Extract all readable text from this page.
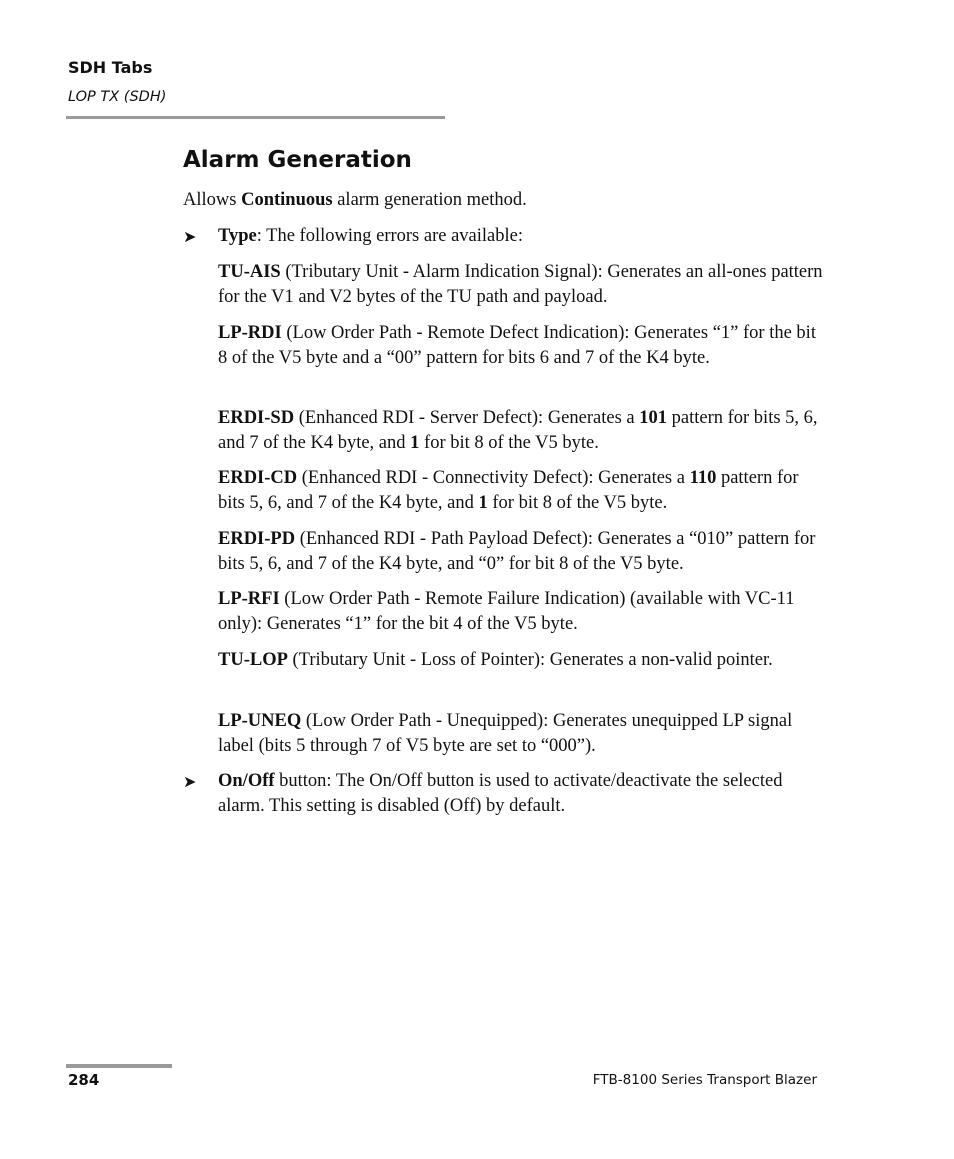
SDH Tabs
LOP TX (SDH)
Alarm Generation

Allows Continuous alarm generation method.

➤ Type: The following errors are available:

TU-AIS (Tributary Unit - Alarm Indication Signal): Generates an all-ones pattern for the V1 and V2 bytes of the TU path and payload.

LP-RDI (Low Order Path - Remote Defect Indication): Generates “1” for the bit 8 of the V5 byte and a “00” pattern for bits 6 and 7 of the K4 byte.

ERDI-SD (Enhanced RDI - Server Defect): Generates a 101 pattern for bits 5, 6, and 7 of the K4 byte, and 1 for bit 8 of the V5 byte.

ERDI-CD (Enhanced RDI - Connectivity Defect): Generates a 110 pattern for bits 5, 6, and 7 of the K4 byte, and 1 for bit 8 of the V5 byte.

ERDI-PD (Enhanced RDI - Path Payload Defect): Generates a “010” pattern for bits 5, 6, and 7 of the K4 byte, and “0” for bit 8 of the V5 byte.

LP-RFI (Low Order Path - Remote Failure Indication) (available with VC-11 only): Generates “1” for the bit 4 of the V5 byte.

TU-LOP (Tributary Unit - Loss of Pointer): Generates a non-valid pointer.

LP-UNEQ (Low Order Path - Unequipped): Generates unequipped LP signal label (bits 5 through 7 of V5 byte are set to “000”).

➤ On/Off button: The On/Off button is used to activate/deactivate the selected alarm. This setting is disabled (Off) by default.

284	FTB-8100 Series Transport Blazer
